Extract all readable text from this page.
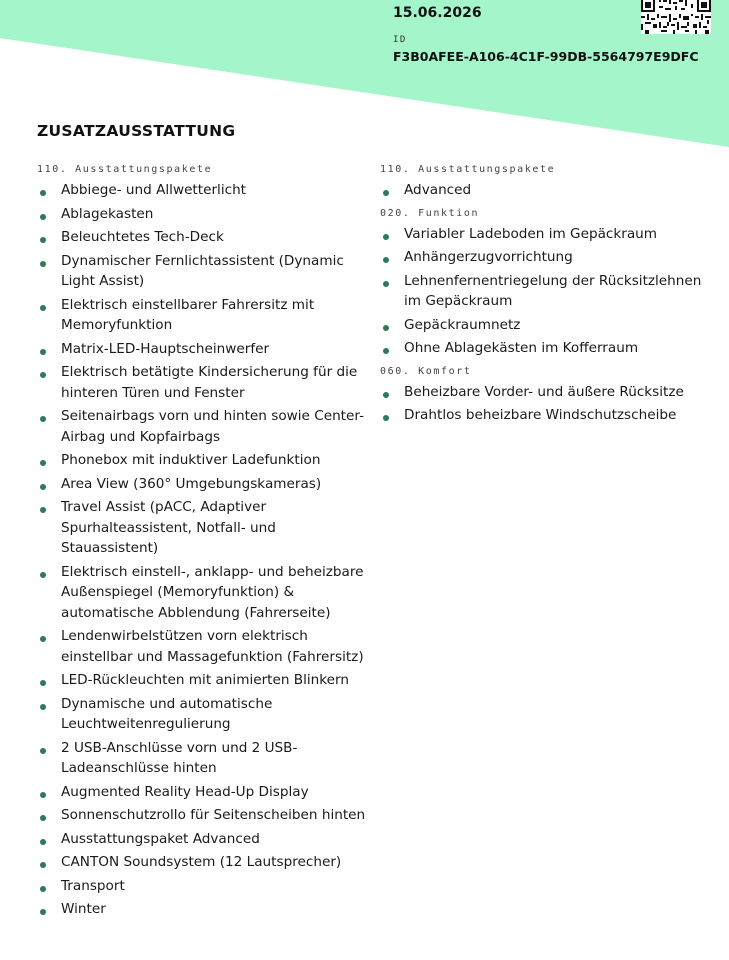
15.06.2026
ID
F3B0AFEE-A106-4C1F-99DB-5564797E9DFC
ZUSATZAUSSTATTUNG
110. Ausstattungspakete
Abbiege- und Allwetterlicht
Ablagekasten
Beleuchtetes Tech-Deck
Dynamischer Fernlichtassistent (Dynamic Light Assist)
Elektrisch einstellbarer Fahrersitz mit Memoryfunktion
Matrix-LED-Hauptscheinwerfer
Elektrisch betätigte Kindersicherung für die hinteren Türen und Fenster
Seitenairbags vorn und hinten sowie Center-Airbag und Kopfairbags
Phonebox mit induktiver Ladefunktion
Area View (360° Umgebungskameras)
Travel Assist (pACC, Adaptiver Spurhalteassistent, Notfall- und Stauassistent)
Elektrisch einstell-, anklapp- und beheizbare Außenspiegel (Memoryfunktion) & automatische Abblendung (Fahrerseite)
Lendenwirbelstützen vorn elektrisch einstellbar und Massagefunktion (Fahrersitz)
LED-Rückleuchten mit animierten Blinkern
Dynamische und automatische Leuchtweitenregulierung
2 USB-Anschlüsse vorn und 2 USB-Ladeanschlüsse hinten
Augmented Reality Head-Up Display
Sonnenschutzrollo für Seitenscheiben hinten
Ausstattungspaket Advanced
CANTON Soundsystem (12 Lautsprecher)
Transport
Winter
110. Ausstattungspakete
Advanced
020. Funktion
Variabler Ladeboden im Gepäckraum
Anhängerzugvorrichtung
Lehnenfernentriegelung der Rücksitzlehnen im Gepäckraum
Gepäckraumnetz
Ohne Ablagekästen im Kofferraum
060. Komfort
Beheizbare Vorder- und äußere Rücksitze
Drahtlos beheizbare Windschutzscheibe
